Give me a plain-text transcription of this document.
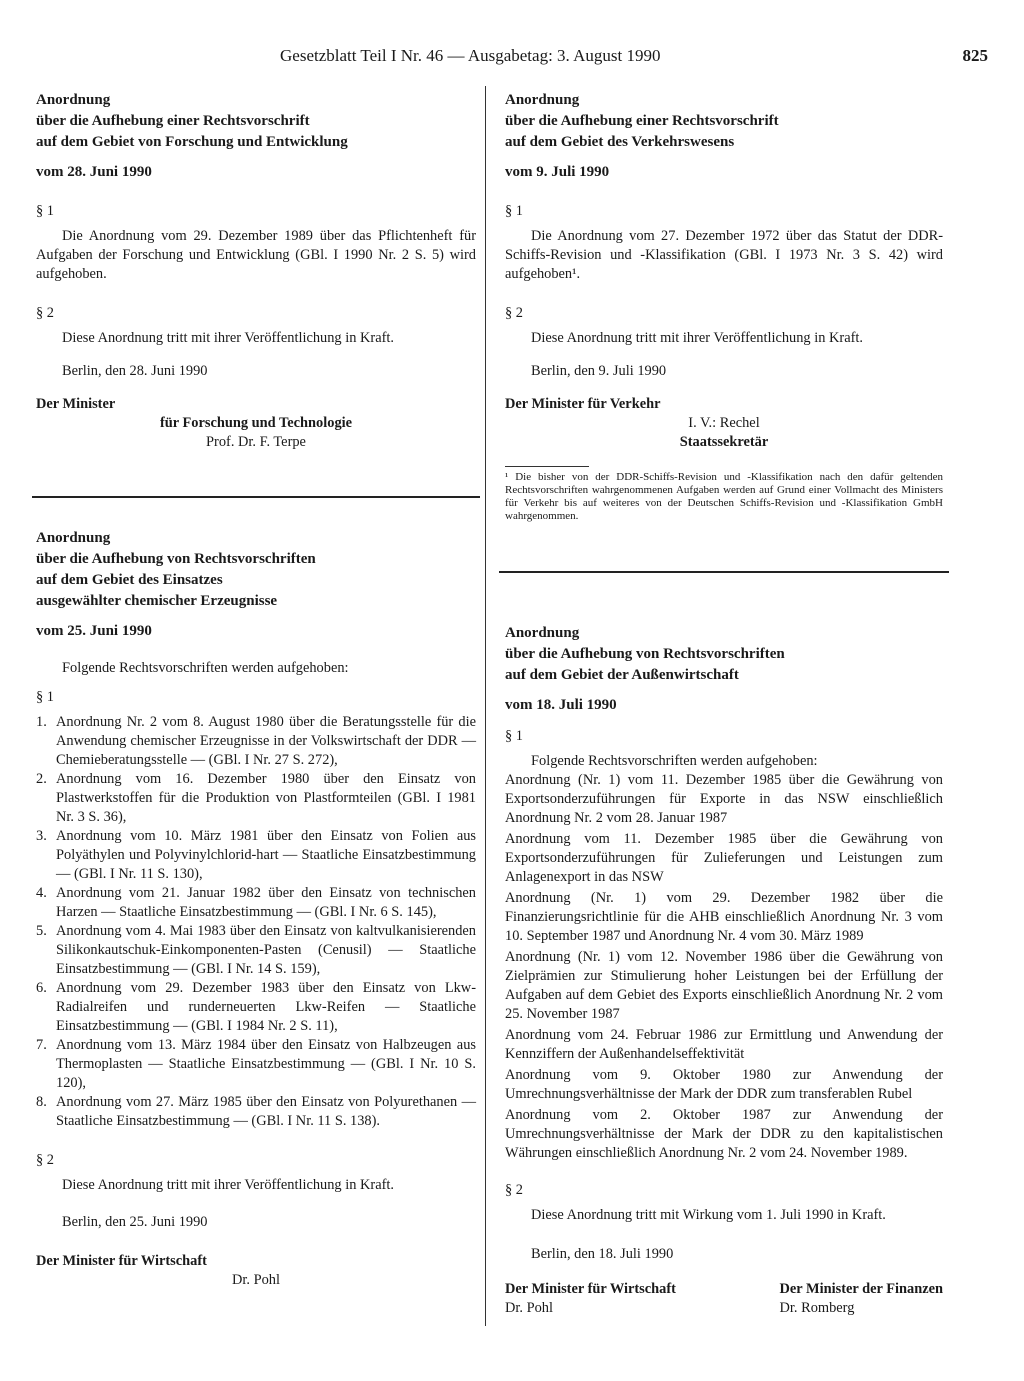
Gesetzblatt Teil I Nr. 46 — Ausgabetag: 3. August 1990	825

Anordnung

über die Aufhebung einer Rechtsvorschrift

auf dem Gebiet von Forschung und Entwicklung

vom 28. Juni 1990

§ 1

Die Anordnung vom 29. Dezember 1989 über das Pflichtenheft für Aufgaben der Forschung und Entwicklung (GBl. I 1990 Nr. 2 S. 5) wird aufgehoben.

§ 2

Diese Anordnung tritt mit ihrer Veröffentlichung in Kraft.

Berlin, den 28. Juni 1990

Der Minister

für Forschung und Technologie

Prof. Dr. F. Terpe

Anordnung

über die Aufhebung von Rechtsvorschriften

auf dem Gebiet des Einsatzes

ausgewählter chemischer Erzeugnisse

vom 25. Juni 1990

Folgende Rechtsvorschriften werden aufgehoben:

§ 1

1. Anordnung Nr. 2 vom 8. August 1980 über die Beratungsstelle für die Anwendung chemischer Erzeugnisse in der Volkswirtschaft der DDR — Chemieberatungsstelle — (GBl. I Nr. 27 S. 272),
2. Anordnung vom 16. Dezember 1980 über den Einsatz von Plastwerkstoffen für die Produktion von Plastformteilen (GBl. I 1981 Nr. 3 S. 36),
3. Anordnung vom 10. März 1981 über den Einsatz von Folien aus Polyäthylen und Polyvinylchlorid-hart — Staatliche Einsatzbestimmung — (GBl. I Nr. 11 S. 130),
4. Anordnung vom 21. Januar 1982 über den Einsatz von technischen Harzen — Staatliche Einsatzbestimmung — (GBl. I Nr. 6 S. 145),
5. Anordnung vom 4. Mai 1983 über den Einsatz von kaltvulkanisierenden Silikonkautschuk-Einkomponenten-Pasten (Cenusil) — Staatliche Einsatzbestimmung — (GBl. I Nr. 14 S. 159),
6. Anordnung vom 29. Dezember 1983 über den Einsatz von Lkw-Radialreifen und runderneuerten Lkw-Reifen — Staatliche Einsatzbestimmung — (GBl. I 1984 Nr. 2 S. 11),
7. Anordnung vom 13. März 1984 über den Einsatz von Halbzeugen aus Thermoplasten — Staatliche Einsatzbestimmung — (GBl. I Nr. 10 S. 120),
8. Anordnung vom 27. März 1985 über den Einsatz von Polyurethanen — Staatliche Einsatzbestimmung — (GBl. I Nr. 11 S. 138).

§ 2

Diese Anordnung tritt mit ihrer Veröffentlichung in Kraft.

Berlin, den 25. Juni 1990

Der Minister für Wirtschaft

Dr. Pohl

Anordnung

über die Aufhebung einer Rechtsvorschrift

auf dem Gebiet des Verkehrswesens

vom 9. Juli 1990

§ 1

Die Anordnung vom 27. Dezember 1972 über das Statut der DDR-Schiffs-Revision und -Klassifikation (GBl. I 1973 Nr. 3 S. 42) wird aufgehoben¹.

§ 2

Diese Anordnung tritt mit ihrer Veröffentlichung in Kraft.

Berlin, den 9. Juli 1990

Der Minister für Verkehr

I. V.: Rechel

Staatssekretär

¹ Die bisher von der DDR-Schiffs-Revision und -Klassifikation nach den dafür geltenden Rechtsvorschriften wahrgenommenen Aufgaben werden auf Grund einer Vollmacht des Ministers für Verkehr bis auf weiteres von der Deutschen Schiffs-Revision und -Klassifikation GmbH wahrgenommen.

Anordnung

über die Aufhebung von Rechtsvorschriften

auf dem Gebiet der Außenwirtschaft

vom 18. Juli 1990

§ 1

Folgende Rechtsvorschriften werden aufgehoben:

Anordnung (Nr. 1) vom 11. Dezember 1985 über die Gewährung von Exportsonderzuführungen für Exporte in das NSW einschließlich Anordnung Nr. 2 vom 28. Januar 1987

Anordnung vom 11. Dezember 1985 über die Gewährung von Exportsonderzuführungen für Zulieferungen und Leistungen zum Anlagenexport in das NSW

Anordnung (Nr. 1) vom 29. Dezember 1982 über die Finanzierungsrichtlinie für die AHB einschließlich Anordnung Nr. 3 vom 10. September 1987 und Anordnung Nr. 4 vom 30. März 1989

Anordnung (Nr. 1) vom 12. November 1986 über die Gewährung von Zielprämien zur Stimulierung hoher Leistungen bei der Erfüllung der Aufgaben auf dem Gebiet des Exports einschließlich Anordnung Nr. 2 vom 25. November 1987

Anordnung vom 24. Februar 1986 zur Ermittlung und Anwendung der Kennziffern der Außenhandelseffektivität

Anordnung vom 9. Oktober 1980 zur Anwendung der Umrechnungsverhältnisse der Mark der DDR zum transferablen Rubel

Anordnung vom 2. Oktober 1987 zur Anwendung der Umrechnungsverhältnisse der Mark der DDR zu den kapitalistischen Währungen einschließlich Anordnung Nr. 2 vom 24. November 1989.

§ 2

Diese Anordnung tritt mit Wirkung vom 1. Juli 1990 in Kraft.

Berlin, den 18. Juli 1990

Der Minister für Wirtschaft

Dr. Pohl

Der Minister der Finanzen

Dr. Romberg
